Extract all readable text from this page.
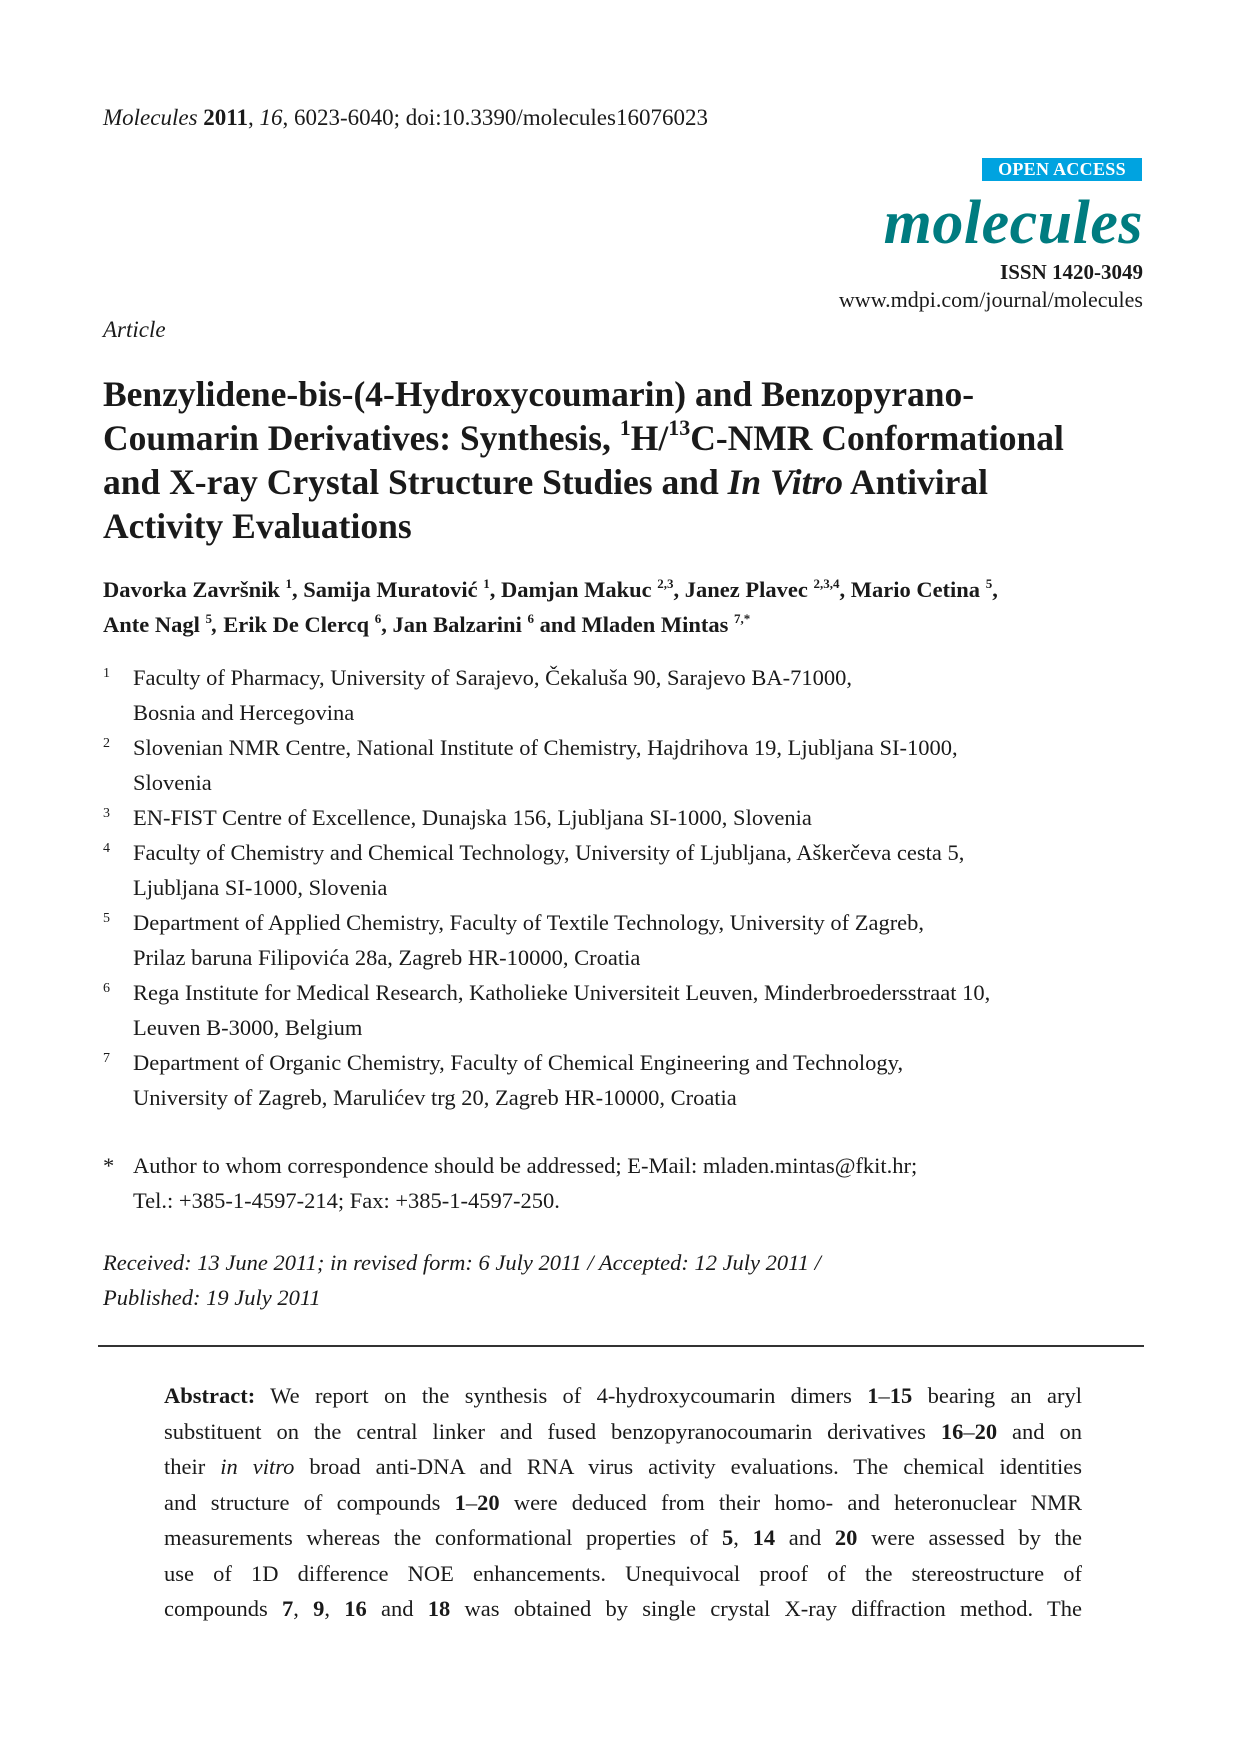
Molecules 2011, 16, 6023-6040; doi:10.3390/molecules16076023
OPEN ACCESS
molecules
ISSN 1420-3049
www.mdpi.com/journal/molecules
Article
Benzylidene-bis-(4-Hydroxycoumarin) and Benzopyrano-
Coumarin Derivatives: Synthesis, $^1$H/$^{13}$C-NMR Conformational
and X-ray Crystal Structure Studies and In Vitro Antiviral
Activity Evaluations
Davorka Završnik $^1$, Samija Muratović $^1$, Damjan Makuc $^{2,3}$, Janez Plavec $^{2,3,4}$, Mario Cetina $^5$,
Ante Nagl $^5$, Erik De Clercq $^6$, Jan Balzarini $^6$ and Mladen Mintas $^{7,*}$
1	Faculty of Pharmacy, University of Sarajevo, Čekaluša 90, Sarajevo BA-71000,
Bosnia and Hercegovina
2	Slovenian NMR Centre, National Institute of Chemistry, Hajdrihova 19, Ljubljana SI-1000,
Slovenia
3	EN-FIST Centre of Excellence, Dunajska 156, Ljubljana SI-1000, Slovenia
4	Faculty of Chemistry and Chemical Technology, University of Ljubljana, Aškerčeva cesta 5,
Ljubljana SI-1000, Slovenia
5	Department of Applied Chemistry, Faculty of Textile Technology, University of Zagreb,
Prilaz baruna Filipovića 28a, Zagreb HR-10000, Croatia
6	Rega Institute for Medical Research, Katholieke Universiteit Leuven, Minderbroedersstraat 10,
Leuven B-3000, Belgium
7	Department of Organic Chemistry, Faculty of Chemical Engineering and Technology,
University of Zagreb, Marulićev trg 20, Zagreb HR-10000, Croatia
* Author to whom correspondence should be addressed; E-Mail: mladen.mintas@fkit.hr;
Tel.: +385-1-4597-214; Fax: +385-1-4597-250.
Received: 13 June 2011; in revised form: 6 July 2011 / Accepted: 12 July 2011 /
Published: 19 July 2011
Abstract: We report on the synthesis of 4-hydroxycoumarin dimers 1–15 bearing an aryl
substituent on the central linker and fused benzopyranocoumarin derivatives 16–20 and on
their in vitro broad anti-DNA and RNA virus activity evaluations. The chemical identities
and structure of compounds 1–20 were deduced from their homo- and heteronuclear NMR
measurements whereas the conformational properties of 5, 14 and 20 were assessed by the
use of 1D difference NOE enhancements. Unequivocal proof of the stereostructure of
compounds 7, 9, 16 and 18 was obtained by single crystal X-ray diffraction method. The
